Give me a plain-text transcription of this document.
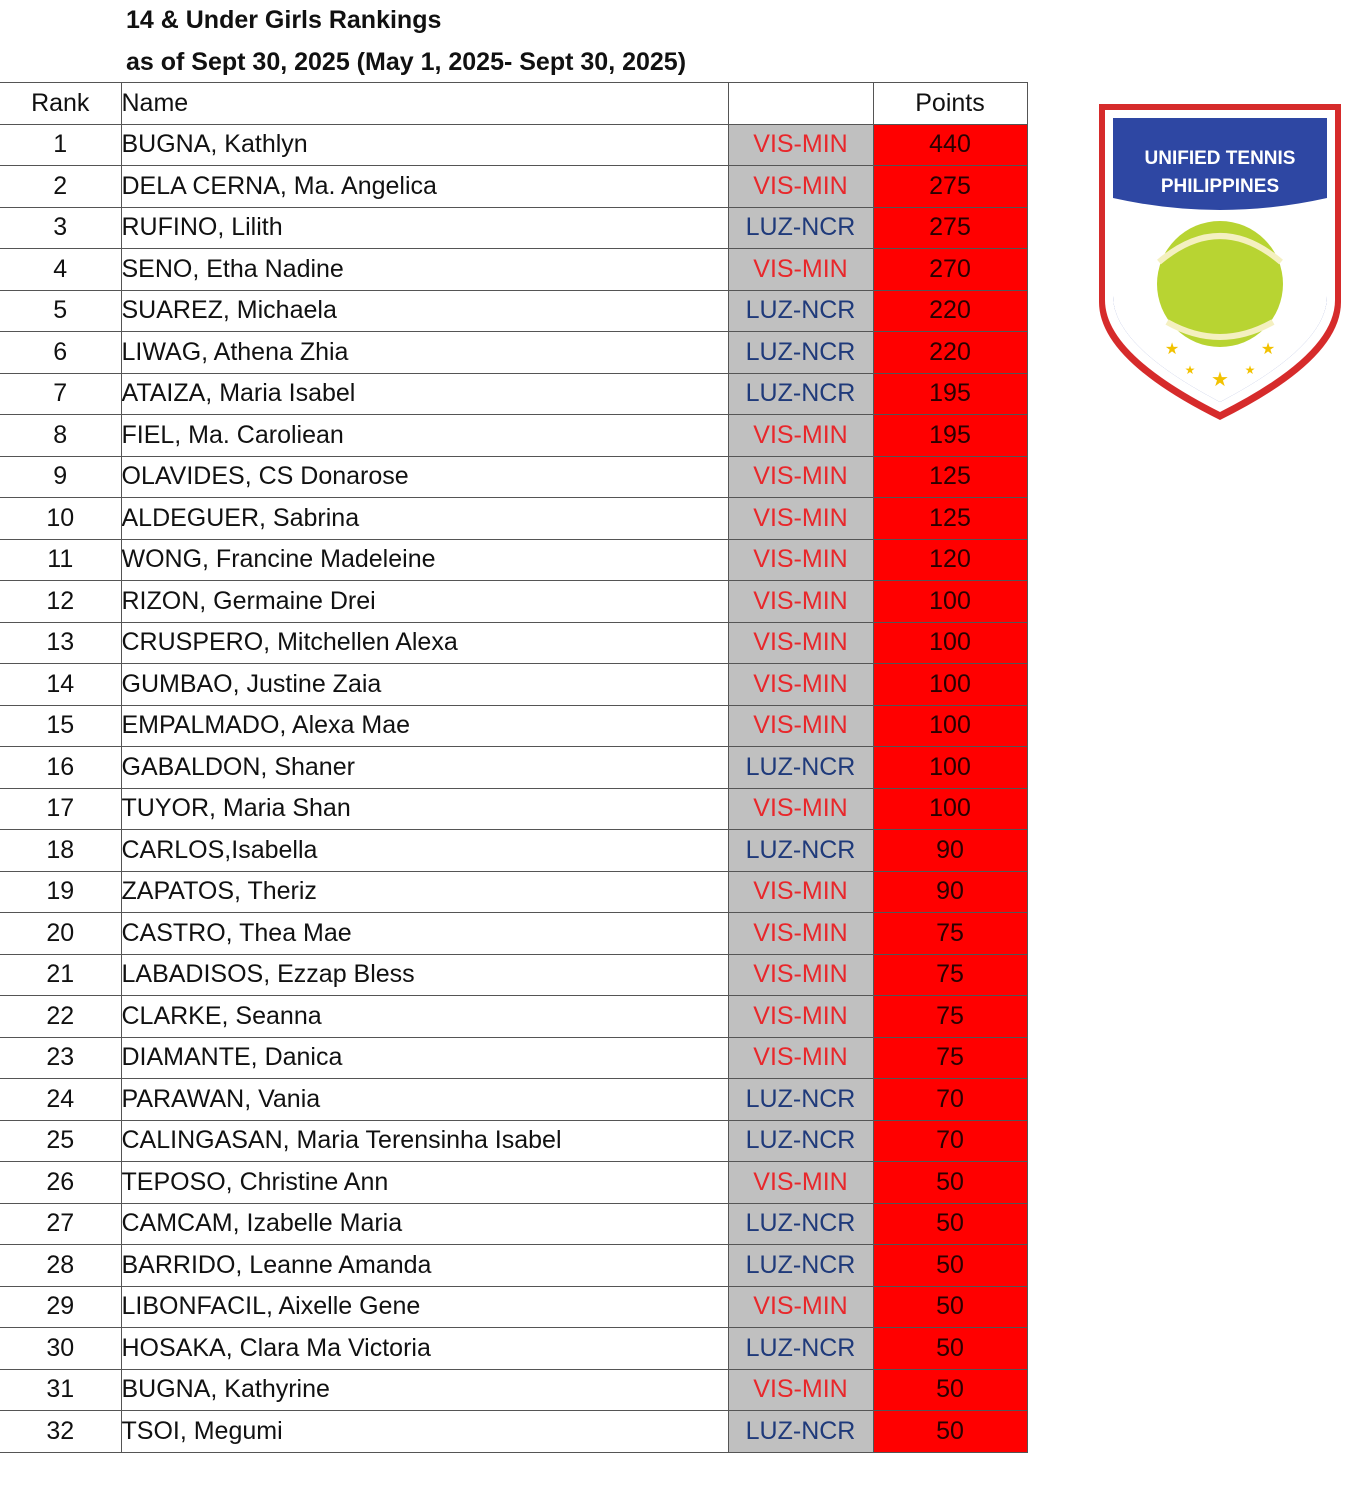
14 & Under Girls Rankings
as of Sept 30, 2025 (May 1, 2025- Sept 30, 2025)
Rank	Name		Points
1	BUGNA, Kathlyn	VIS-MIN	440
2	DELA CERNA, Ma. Angelica	VIS-MIN	275
3	RUFINO, Lilith	LUZ-NCR	275
4	SENO, Etha Nadine	VIS-MIN	270
5	SUAREZ, Michaela	LUZ-NCR	220
6	LIWAG, Athena Zhia	LUZ-NCR	220
7	ATAIZA, Maria Isabel	LUZ-NCR	195
8	FIEL, Ma. Caroliean	VIS-MIN	195
9	OLAVIDES, CS Donarose	VIS-MIN	125
10	ALDEGUER, Sabrina	VIS-MIN	125
11	WONG, Francine Madeleine	VIS-MIN	120
12	RIZON, Germaine Drei	VIS-MIN	100
13	CRUSPERO, Mitchellen Alexa	VIS-MIN	100
14	GUMBAO, Justine Zaia	VIS-MIN	100
15	EMPALMADO, Alexa Mae	VIS-MIN	100
16	GABALDON, Shaner	LUZ-NCR	100
17	TUYOR, Maria Shan	VIS-MIN	100
18	CARLOS,Isabella	LUZ-NCR	90
19	ZAPATOS, Theriz	VIS-MIN	90
20	CASTRO, Thea Mae	VIS-MIN	75
21	LABADISOS, Ezzap Bless	VIS-MIN	75
22	CLARKE, Seanna	VIS-MIN	75
23	DIAMANTE, Danica	VIS-MIN	75
24	PARAWAN, Vania	LUZ-NCR	70
25	CALINGASAN, Maria Terensinha Isabel	LUZ-NCR	70
26	TEPOSO, Christine Ann	VIS-MIN	50
27	CAMCAM, Izabelle Maria	LUZ-NCR	50
28	BARRIDO, Leanne Amanda	LUZ-NCR	50
29	LIBONFACIL, Aixelle Gene	VIS-MIN	50
30	HOSAKA, Clara Ma Victoria	LUZ-NCR	50
31	BUGNA, Kathyrine	VIS-MIN	50
32	TSOI, Megumi	LUZ-NCR	50
UNIFIED TENNIS
PHILIPPINES
★
★ ★ ★
★
